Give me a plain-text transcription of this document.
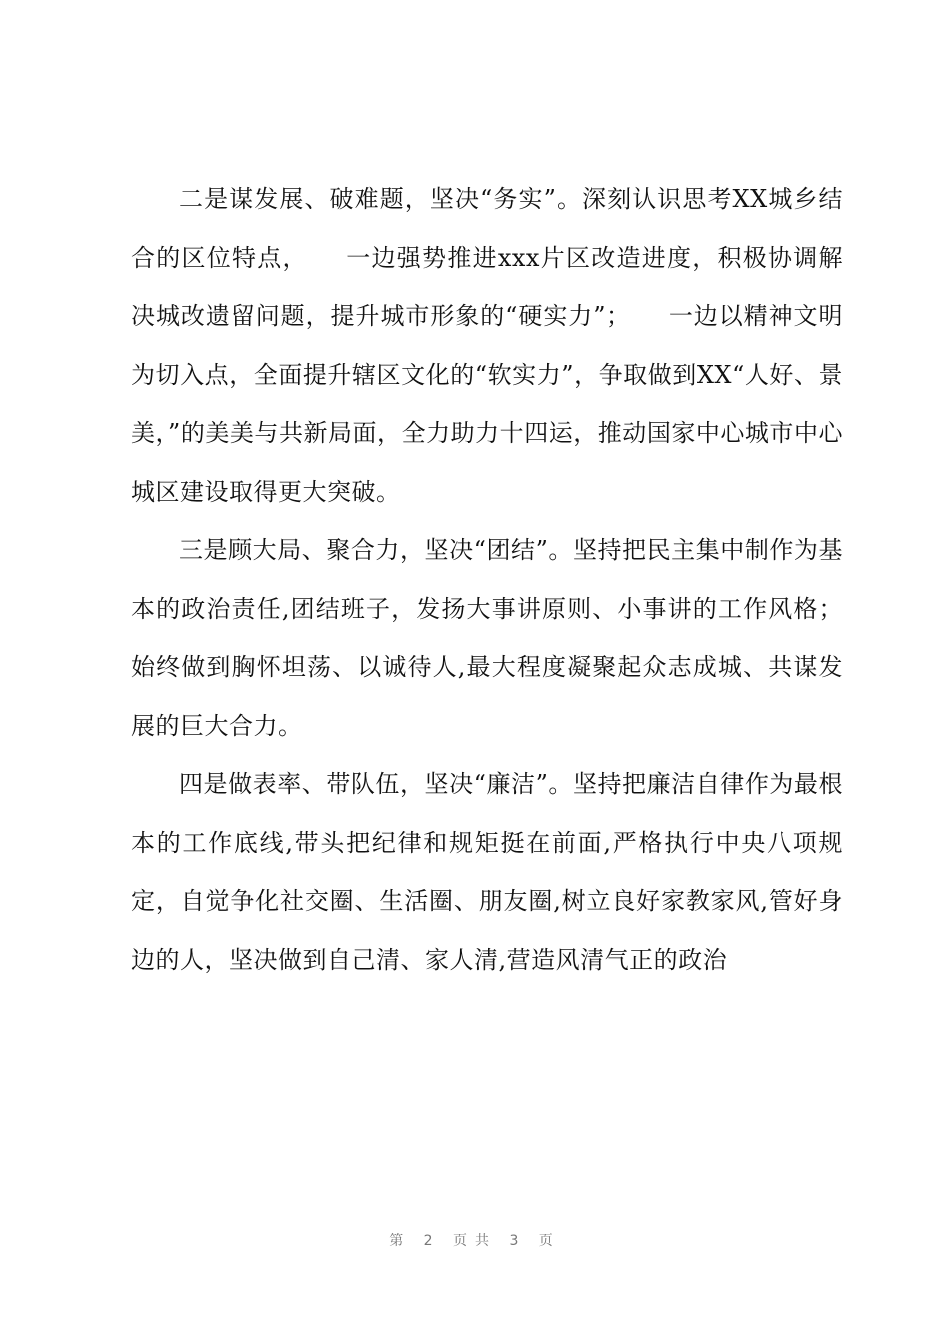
二是谋发展、破难题，坚决“务实”。深刻认识思考XX城乡结合的区位特点，　　一边强势推进xxx片区改造进度，积极协调解决城改遗留问题，提升城市形象的“硬实力”；　　一边以精神文明为切入点，全面提升辖区文化的“软实力”，争取做到XX“人好、景美，”的美美与共新局面，全力助力十四运，推动国家中心城市中心城区建设取得更大突破。

三是顾大局、聚合力，坚决“团结”。坚持把民主集中制作为基本的政治责任,团结班子，发扬大事讲原则、小事讲的工作风格；始终做到胸怀坦荡、以诚待人,最大程度凝聚起众志成城、共谋发展的巨大合力。

四是做表率、带队伍，坚决“廉洁”。坚持把廉洁自律作为最根本的工作底线,带头把纪律和规矩挺在前面,严格执行中央八项规定，自觉争化社交圈、生活圈、朋友圈,树立良好家教家风,管好身边的人，坚决做到自己清、家人清,营造风清气正的政治

第 2 页共 3 页
